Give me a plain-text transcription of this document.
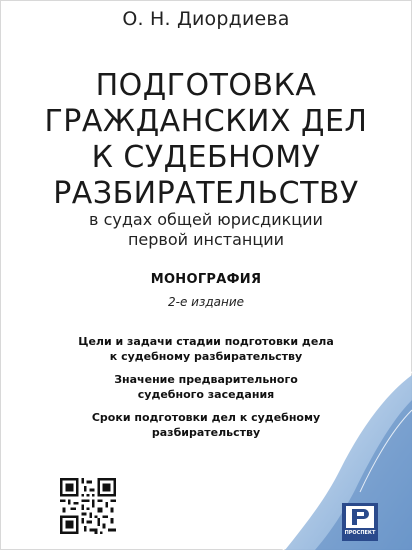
О. Н. Диордиева
ПОДГОТОВКА
ГРАЖДАНСКИХ ДЕЛ
К СУДЕБНОМУ
РАЗБИРАТЕЛЬСТВУ
в судах общей юрисдикции
первой инстанции
МОНОГРАФИЯ
2-е издание
Цели и задачи стадии подготовки дела
к судебному разбирательству
Значение предварительного
судебного заседания
Сроки подготовки дел к судебному
разбирательству
ПРОСПЕКТ
